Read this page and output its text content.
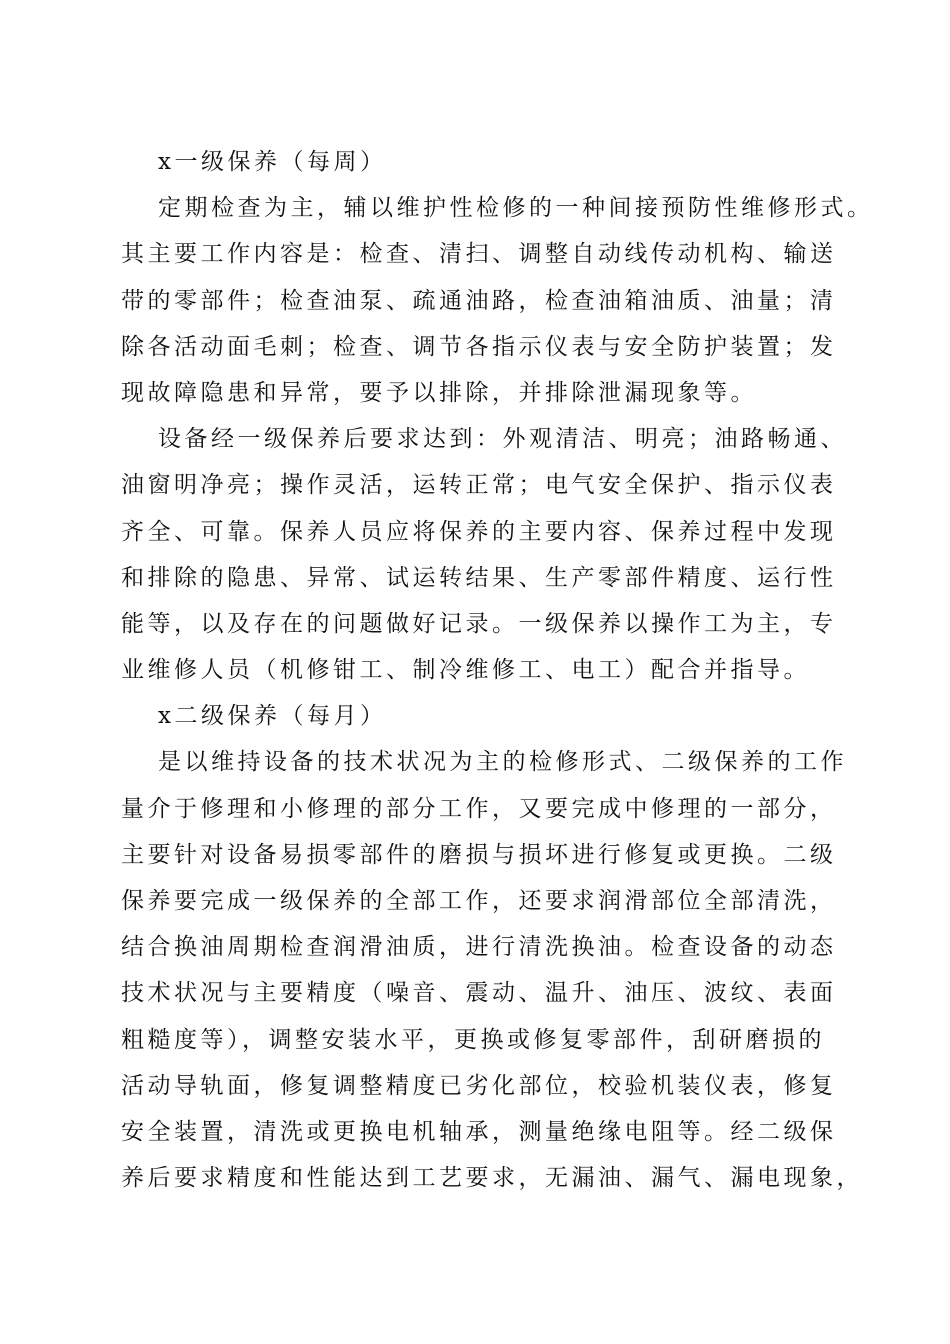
x一级保养（每周）
定期检查为主，辅以维护性检修的一种间接预防性维修形式。
其主要工作内容是：检查、清扫、调整自动线传动机构、输送
带的零部件；检查油泵、疏通油路，检查油箱油质、油量；清
除各活动面毛刺；检查、调节各指示仪表与安全防护装置；发
现故障隐患和异常，要予以排除，并排除泄漏现象等。
设备经一级保养后要求达到：外观清洁、明亮；油路畅通、
油窗明净亮；操作灵活，运转正常；电气安全保护、指示仪表
齐全、可靠。保养人员应将保养的主要内容、保养过程中发现
和排除的隐患、异常、试运转结果、生产零部件精度、运行性
能等，以及存在的问题做好记录。一级保养以操作工为主，专
业维修人员（机修钳工、制冷维修工、电工）配合并指导。
x二级保养（每月）
是以维持设备的技术状况为主的检修形式、二级保养的工作
量介于修理和小修理的部分工作，又要完成中修理的一部分，
主要针对设备易损零部件的磨损与损坏进行修复或更换。二级
保养要完成一级保养的全部工作，还要求润滑部位全部清洗，
结合换油周期检查润滑油质，进行清洗换油。检查设备的动态
技术状况与主要精度（噪音、震动、温升、油压、波纹、表面
粗糙度等），调整安装水平，更换或修复零部件，刮研磨损的
活动导轨面，修复调整精度已劣化部位，校验机装仪表，修复
安全装置，清洗或更换电机轴承，测量绝缘电阻等。经二级保
养后要求精度和性能达到工艺要求，无漏油、漏气、漏电现象，
